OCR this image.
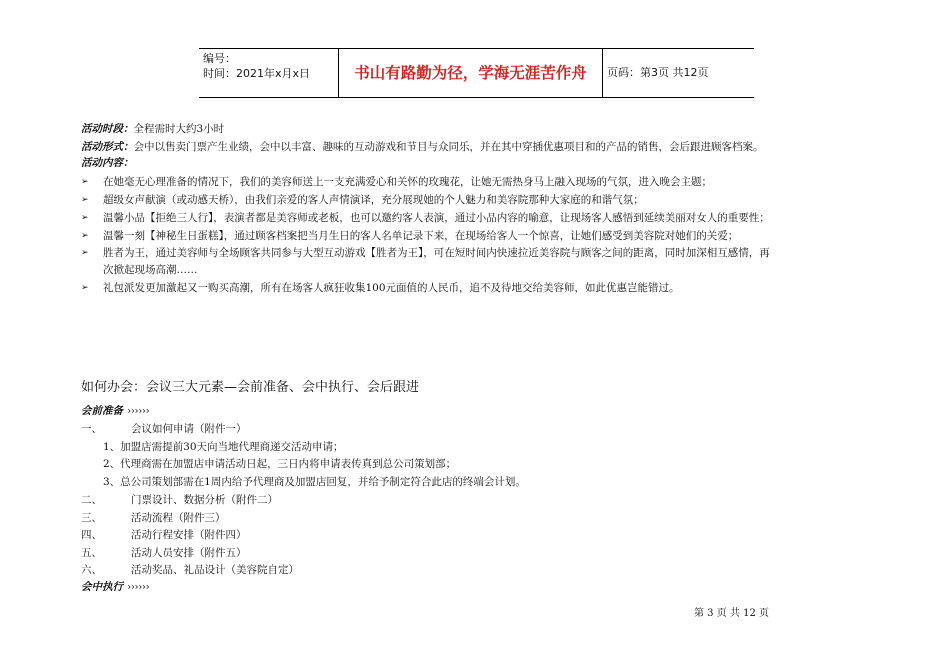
编号：
时间：2021年x月x日	书山有路勤为径，学海无涯苦作舟	页码：第3页 共12页
活动时段：全程需时大约3小时
活动形式：会中以售卖门票产生业绩，会中以丰富、趣味的互动游戏和节目与众同乐，并在其中穿插优惠项目和的产品的销售，会后跟进顾客档案。
活动内容：
➢ 在她毫无心理准备的情况下，我们的美容师送上一支充满爱心和关怀的玫瑰花，让她无需热身马上融入现场的气氛，进入晚会主题；
➢ 超级女声献演（或动感天桥），由我们亲爱的客人声情演译，充分展现她的个人魅力和美容院那种大家庭的和谐气氛；
➢ 温馨小品【拒绝三人行】，表演者都是美容师或老板，也可以邀约客人表演，通过小品内容的喻意，让现场客人感悟到延续美丽对女人的重要性；
➢ 温馨一刻【神秘生日蛋糕】，通过顾客档案把当月生日的客人名单记录下来，在现场给客人一个惊喜，让她们感受到美容院对她们的关爱；
➢ 胜者为王，通过美容师与全场顾客共同参与大型互动游戏【胜者为王】，可在短时间内快速拉近美容院与顾客之间的距离，同时加深相互感情，再
次掀起现场高潮……
➢ 礼包派发更加激起又一购买高潮，所有在场客人疯狂收集100元面值的人民币，追不及待地交给美容师，如此优惠岂能错过。
如何办会：会议三大元素—会前准备、会中执行、会后跟进
会前准备 ››››››
一、	会议如何申请（附件一）
1、加盟店需提前30天向当地代理商递交活动申请；
2、代理商需在加盟店申请活动日起，三日内将申请表传真到总公司策划部；
3、总公司策划部需在1周内给予代理商及加盟店回复，并给予制定符合此店的终端会计划。
二、	门票设计、数据分析（附件二）
三、	活动流程（附件三）
四、	活动行程安排（附件四）
五、	活动人员安排（附件五）
六、	活动奖品、礼品设计（美容院自定）
会中执行 ››››››
第 3 页 共 12 页
